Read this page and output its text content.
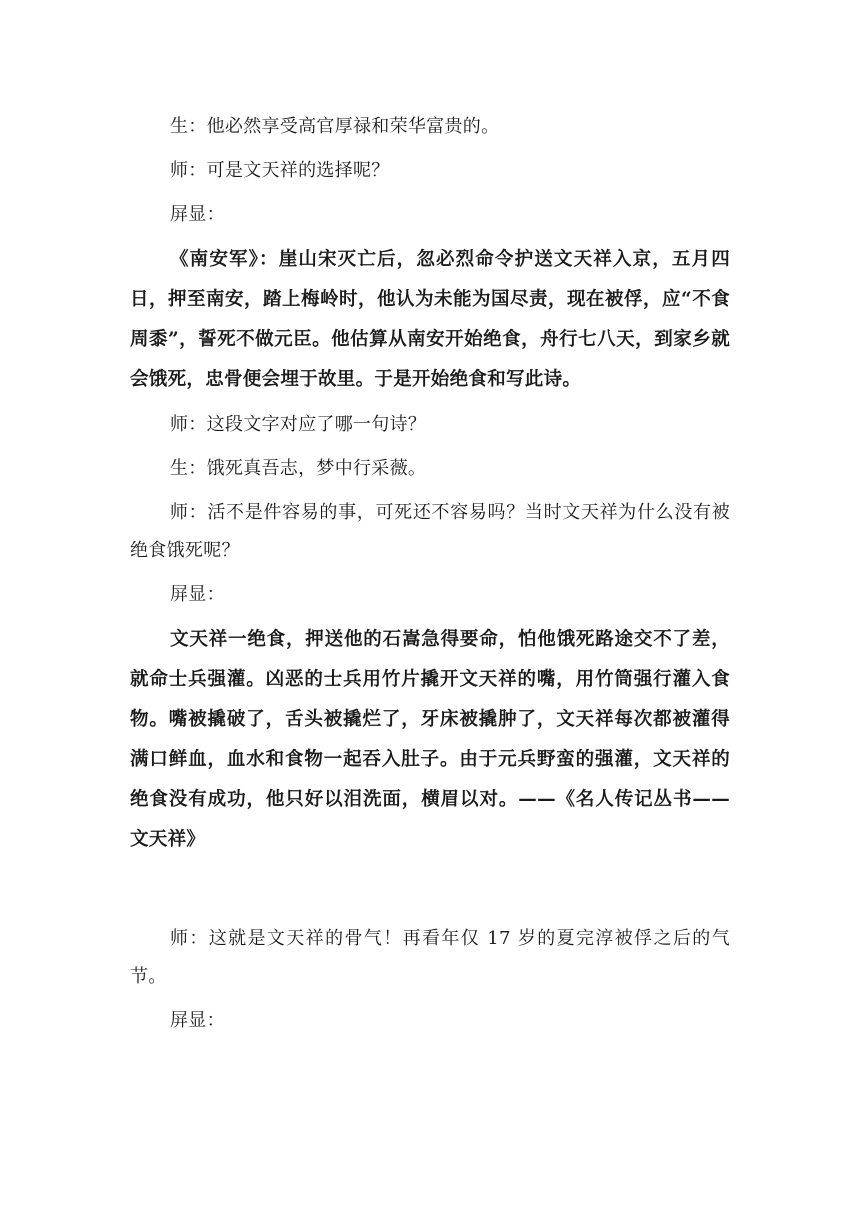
生：他必然享受高官厚禄和荣华富贵的。

师：可是文天祥的选择呢？

屏显：

《南安军》：崖山宋灭亡后，忽必烈命令护送文天祥入京，五月四日，押至南安，踏上梅岭时，他认为未能为国尽责，现在被俘，应“不食周黍”，誓死不做元臣。他估算从南安开始绝食，舟行七八天，到家乡就会饿死，忠骨便会埋于故里。于是开始绝食和写此诗。

师：这段文字对应了哪一句诗？

生：饿死真吾志，梦中行采薇。

师：活不是件容易的事，可死还不容易吗？当时文天祥为什么没有被绝食饿死呢？

屏显：

文天祥一绝食，押送他的石嵩急得要命，怕他饿死路途交不了差，就命士兵强灌。凶恶的士兵用竹片撬开文天祥的嘴，用竹筒强行灌入食物。嘴被撬破了，舌头被撬烂了，牙床被撬肿了，文天祥每次都被灌得满口鲜血，血水和食物一起吞入肚子。由于元兵野蛮的强灌，文天祥的绝食没有成功，他只好以泪洗面，横眉以对。——《名人传记丛书——文天祥》

师：这就是文天祥的骨气！再看年仅 17 岁的夏完淳被俘之后的气节。

屏显：
